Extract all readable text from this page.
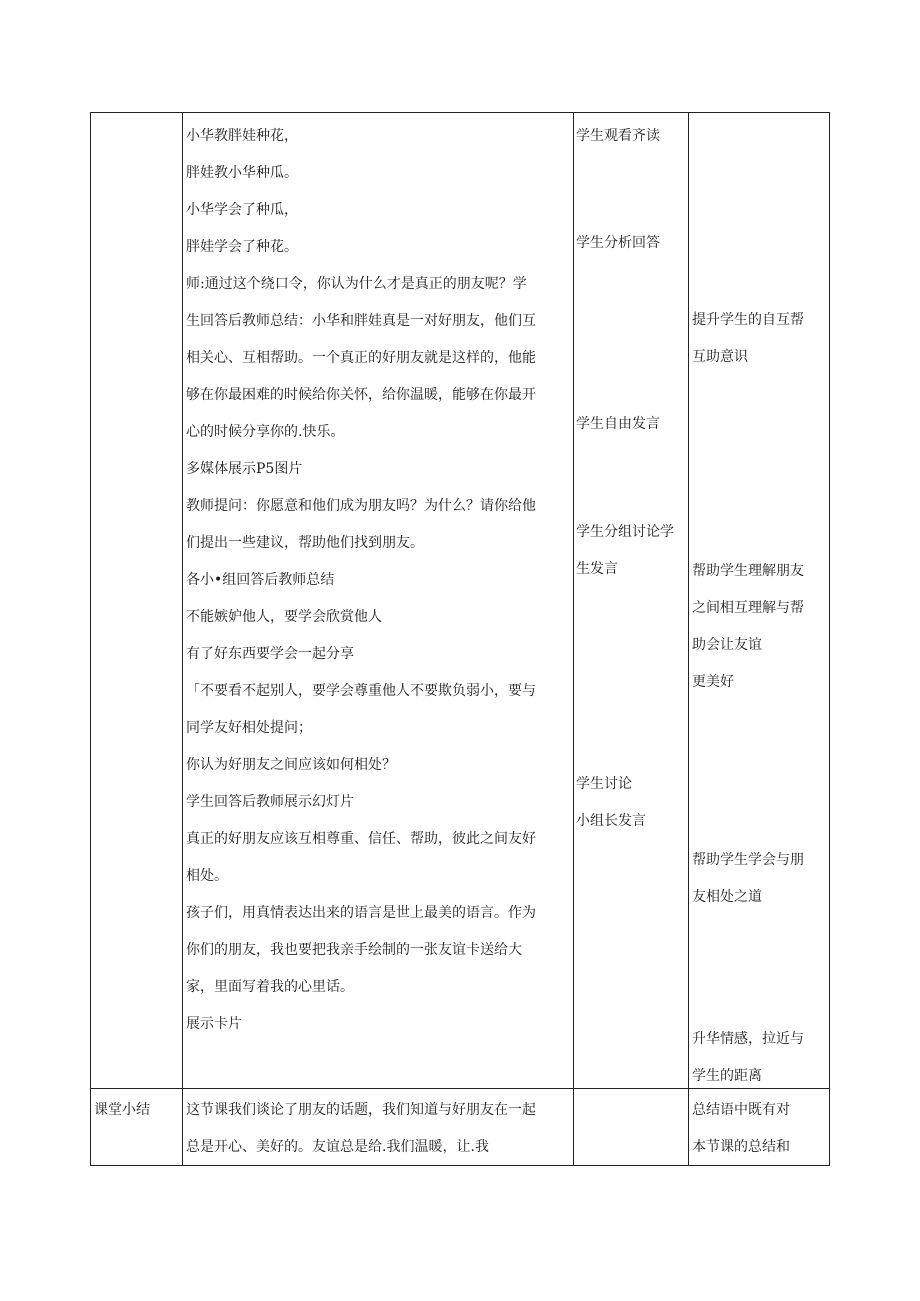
小华教胖娃种花，
胖娃教小华种瓜。
小华学会了种瓜，
胖娃学会了种花。
师:通过这个绕口令，你认为什么才是真正的朋友呢？学
生回答后教师总结：小华和胖娃真是一对好朋友，他们互
相关心、互相帮助。一个真正的好朋友就是这样的，他能
够在你最困难的时候给你关怀，给你温暖，能够在你最开
心的时候分享你的.快乐。
多媒体展示P5图片
教师提问：你愿意和他们成为朋友吗？为什么？请你给他
们提出一些建议，帮助他们找到朋友。
各小•组回答后教师总结
不能嫉妒他人，要学会欣赏他人
有了好东西要学会一起分享
「不要看不起别人，要学会尊重他人不要欺负弱小，要与
同学友好相处提问；
你认为好朋友之间应该如何相处？
学生回答后教师展示幻灯片
真正的好朋友应该互相尊重、信任、帮助，彼此之间友好
相处。
孩子们，用真情表达出来的语言是世上最美的语言。作为
你们的朋友，我也要把我亲手绘制的一张友谊卡送给大
家，里面写着我的心里话。
展示卡片
学生观看齐读
学生分析回答
学生自由发言
学生分组讨论学
生发言
学生讨论
小组长发言
提升学生的自互帮
互助意识
帮助学生理解朋友
之间相互理解与帮
助会让友谊
更美好
帮助学生学会与朋
友相处之道
升华情感，拉近与
学生的距离
课堂小结	这节课我们谈论了朋友的话题，我们知道与好朋友在一起
总是开心、美好的。友谊总是给.我们温暖，让.我
总结语中既有对
本节课的总结和
